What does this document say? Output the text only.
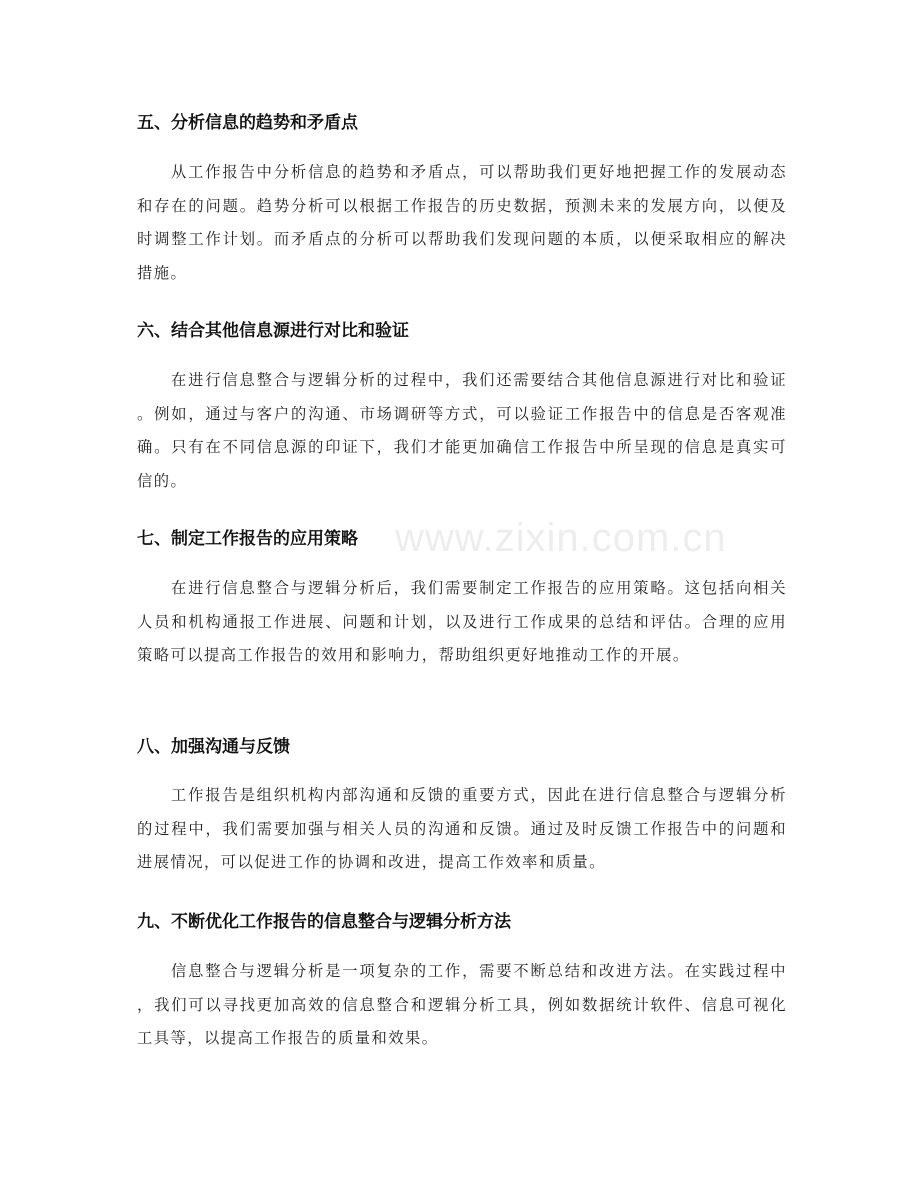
www.zixin.com.cn
五、分析信息的趋势和矛盾点
从工作报告中分析信息的趋势和矛盾点，可以帮助我们更好地把握工作的发展动态和存在的问题。趋势分析可以根据工作报告的历史数据，预测未来的发展方向，以便及时调整工作计划。而矛盾点的分析可以帮助我们发现问题的本质，以便采取相应的解决措施。
六、结合其他信息源进行对比和验证
在进行信息整合与逻辑分析的过程中，我们还需要结合其他信息源进行对比和验证。例如，通过与客户的沟通、市场调研等方式，可以验证工作报告中的信息是否客观准确。只有在不同信息源的印证下，我们才能更加确信工作报告中所呈现的信息是真实可信的。
七、制定工作报告的应用策略
在进行信息整合与逻辑分析后，我们需要制定工作报告的应用策略。这包括向相关人员和机构通报工作进展、问题和计划，以及进行工作成果的总结和评估。合理的应用策略可以提高工作报告的效用和影响力，帮助组织更好地推动工作的开展。
八、加强沟通与反馈
工作报告是组织机构内部沟通和反馈的重要方式，因此在进行信息整合与逻辑分析的过程中，我们需要加强与相关人员的沟通和反馈。通过及时反馈工作报告中的问题和进展情况，可以促进工作的协调和改进，提高工作效率和质量。
九、不断优化工作报告的信息整合与逻辑分析方法
信息整合与逻辑分析是一项复杂的工作，需要不断总结和改进方法。在实践过程中，我们可以寻找更加高效的信息整合和逻辑分析工具，例如数据统计软件、信息可视化工具等，以提高工作报告的质量和效果。
